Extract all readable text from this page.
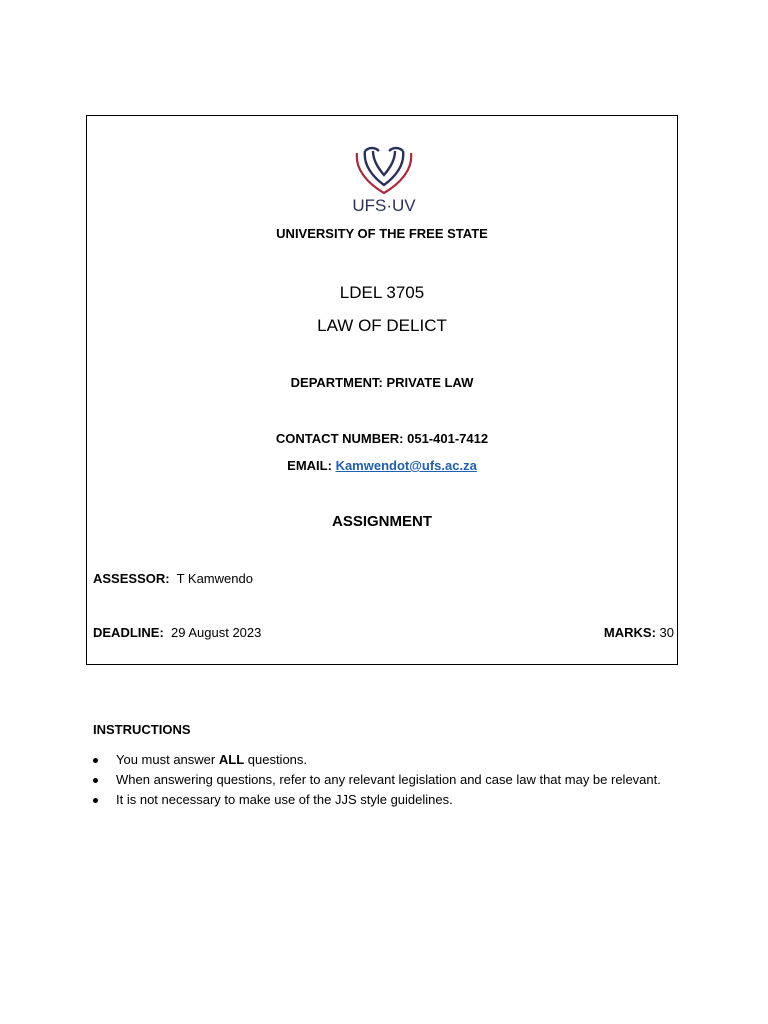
UFS·UV
UNIVERSITY OF THE FREE STATE
LDEL 3705
LAW OF DELICT
DEPARTMENT: PRIVATE LAW
CONTACT NUMBER: 051-401-7412
EMAIL: Kamwendot@ufs.ac.za
ASSIGNMENT
ASSESSOR: T Kamwendo
DEADLINE: 29 August 2023	MARKS: 30
INSTRUCTIONS
You must answer ALL questions.
When answering questions, refer to any relevant legislation and case law that may be relevant.
It is not necessary to make use of the JJS style guidelines.
